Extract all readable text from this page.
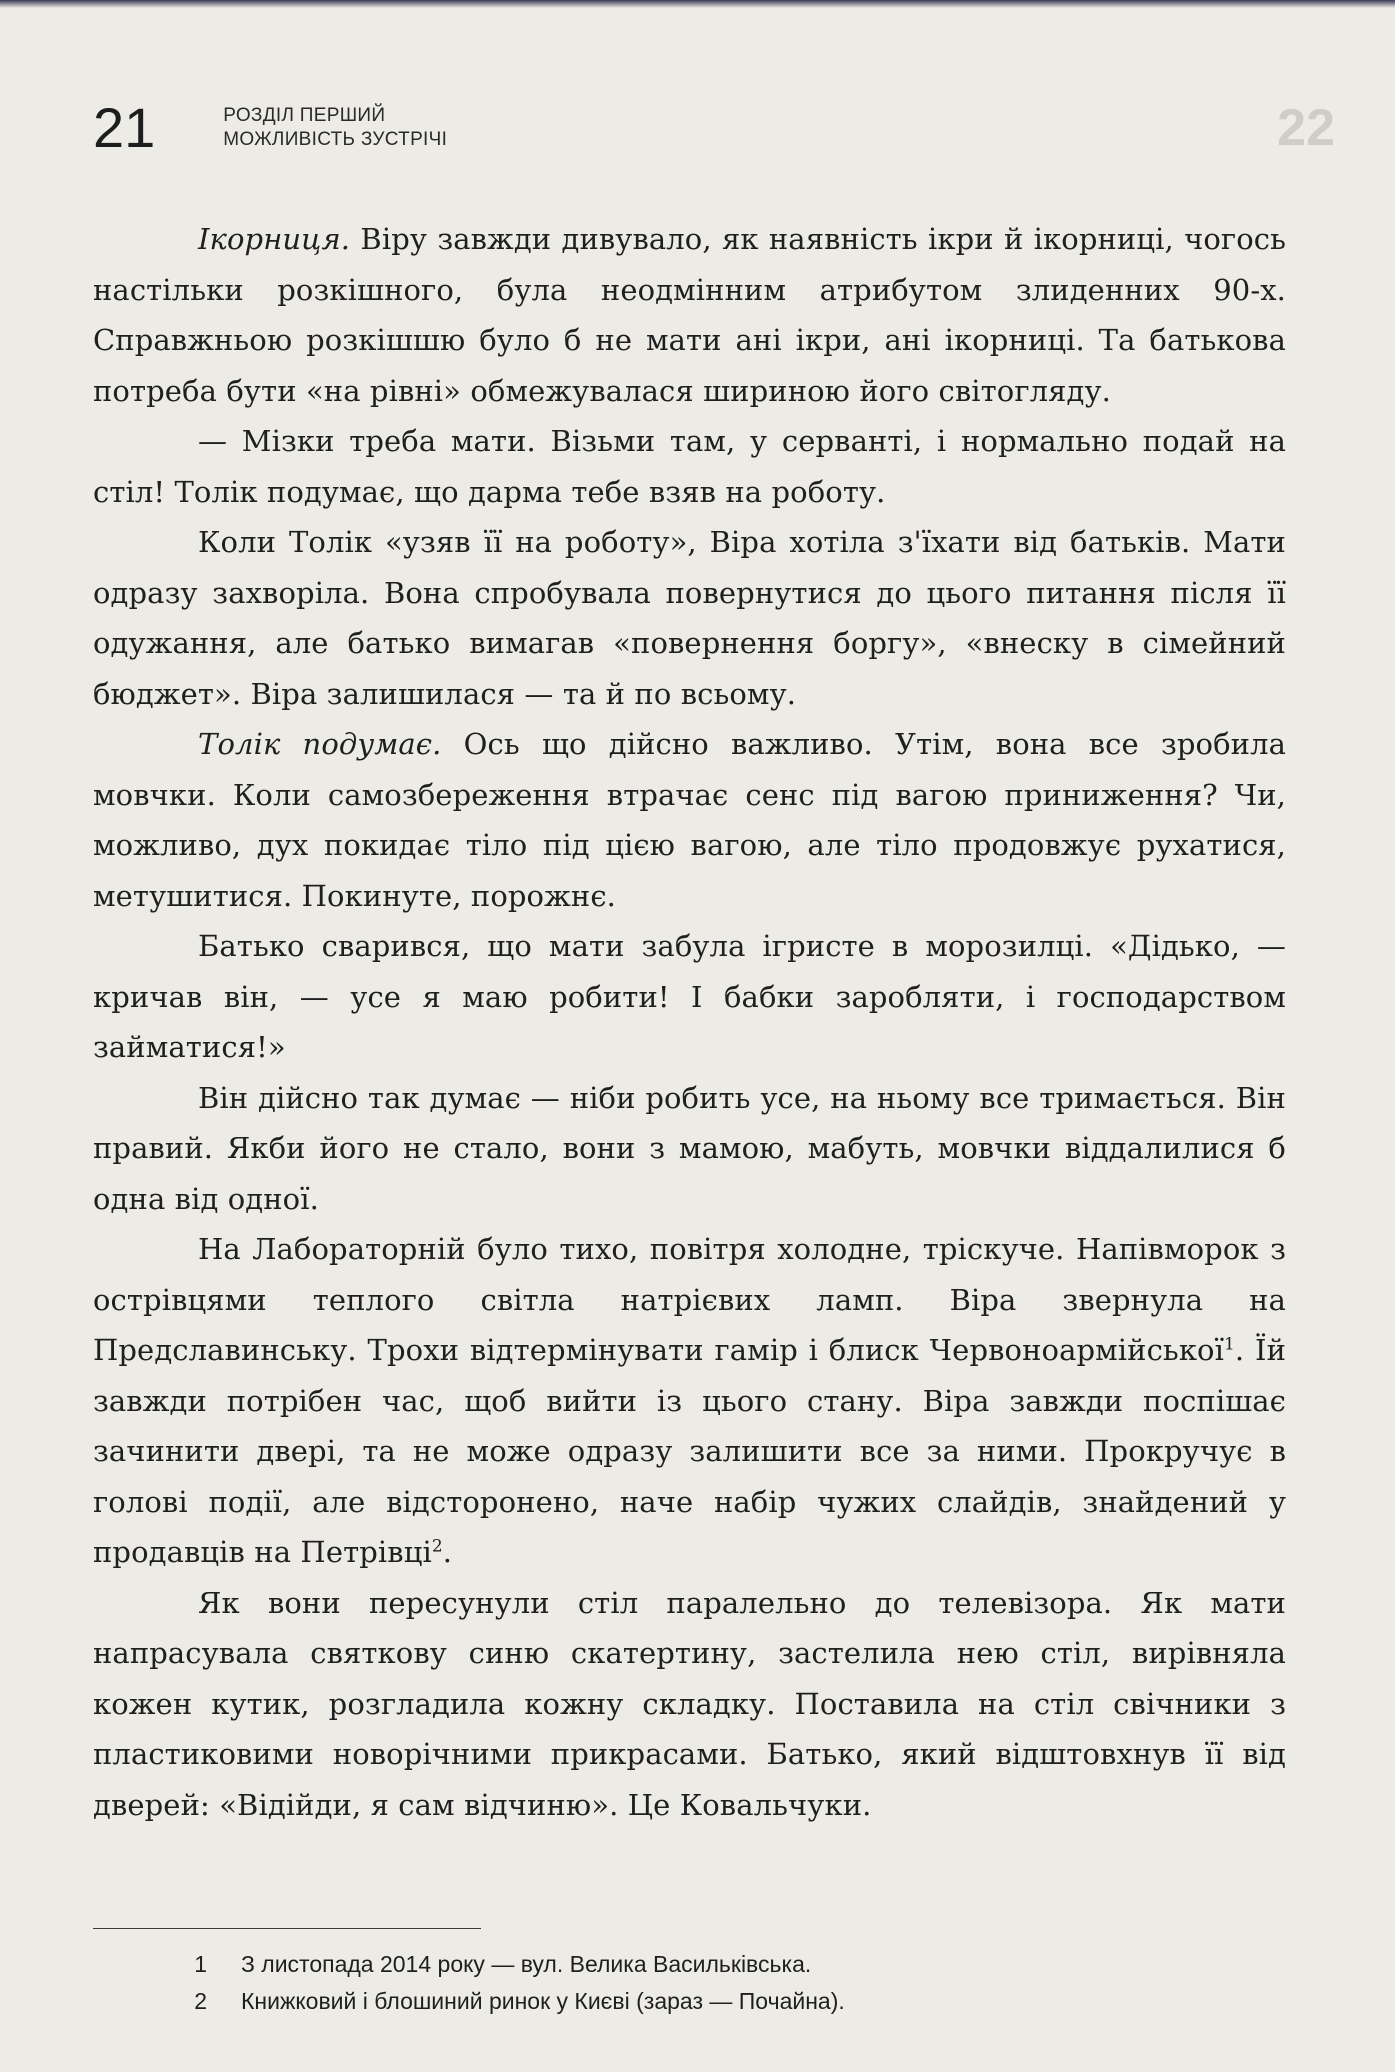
22
21	РОЗДІЛ ПЕРШИЙ
МОЖЛИВІСТЬ ЗУСТРІЧІ

Ікорниця. Віру завжди дивувало, як наявність ікри й ікорниці, чогось настільки розкішного, була неодмінним атрибутом злиденних 90-х. Справжньою розкішшю було б не мати ані ікри, ані ікорниці. Та батькова потреба бути «на рівні» обмежувалася шириною його світогляду.

— Мізки треба мати. Візьми там, у серванті, і нормально подай на стіл! Толік подумає, що дарма тебе взяв на роботу.

Коли Толік «узяв її на роботу», Віра хотіла з'їхати від батьків. Мати одразу захворіла. Вона спробувала повернутися до цього питання після її одужання, але батько вимагав «повернення боргу», «внеску в сімейний бюджет». Віра залишилася — та й по всьому.

Толік подумає. Ось що дійсно важливо. Утім, вона все зробила мовчки. Коли самозбереження втрачає сенс під вагою приниження? Чи, можливо, дух покидає тіло під цією вагою, але тіло продовжує рухатися, метушитися. Покинуте, порожнє.

Батько сварився, що мати забула ігристе в морозилці. «Дідько, — кричав він, — усе я маю робити! І бабки заробляти, і господарством займатися!»

Він дійсно так думає — ніби робить усе, на ньому все тримається. Він правий. Якби його не стало, вони з мамою, мабуть, мовчки віддалилися б одна від одної.

На Лабораторній було тихо, повітря холодне, тріскуче. Напівморок з острівцями теплого світла натрієвих ламп. Віра звернула на Предславинську. Трохи відтермінувати гамір і блиск Червоноармійської$^1$. Їй завжди потрібен час, щоб вийти із цього стану. Віра завжди поспішає зачинити двері, та не може одразу залишити все за ними. Прокручує в голові події, але відсторонено, наче набір чужих слайдів, знайдений у продавців на Петрівці$^2$.

Як вони пересунули стіл паралельно до телевізора. Як мати напрасувала святкову синю скатертину, застелила нею стіл, вирівняла кожен кутик, розгладила кожну складку. Поставила на стіл свічники з пластиковими новорічними прикрасами. Батько, який відштовхнув її від дверей: «Відійди, я сам відчиню». Це Ковальчуки.

1	З листопада 2014 року — вул. Велика Васильківська.
2	Книжковий і блошиний ринок у Києві (зараз — Почайна).
